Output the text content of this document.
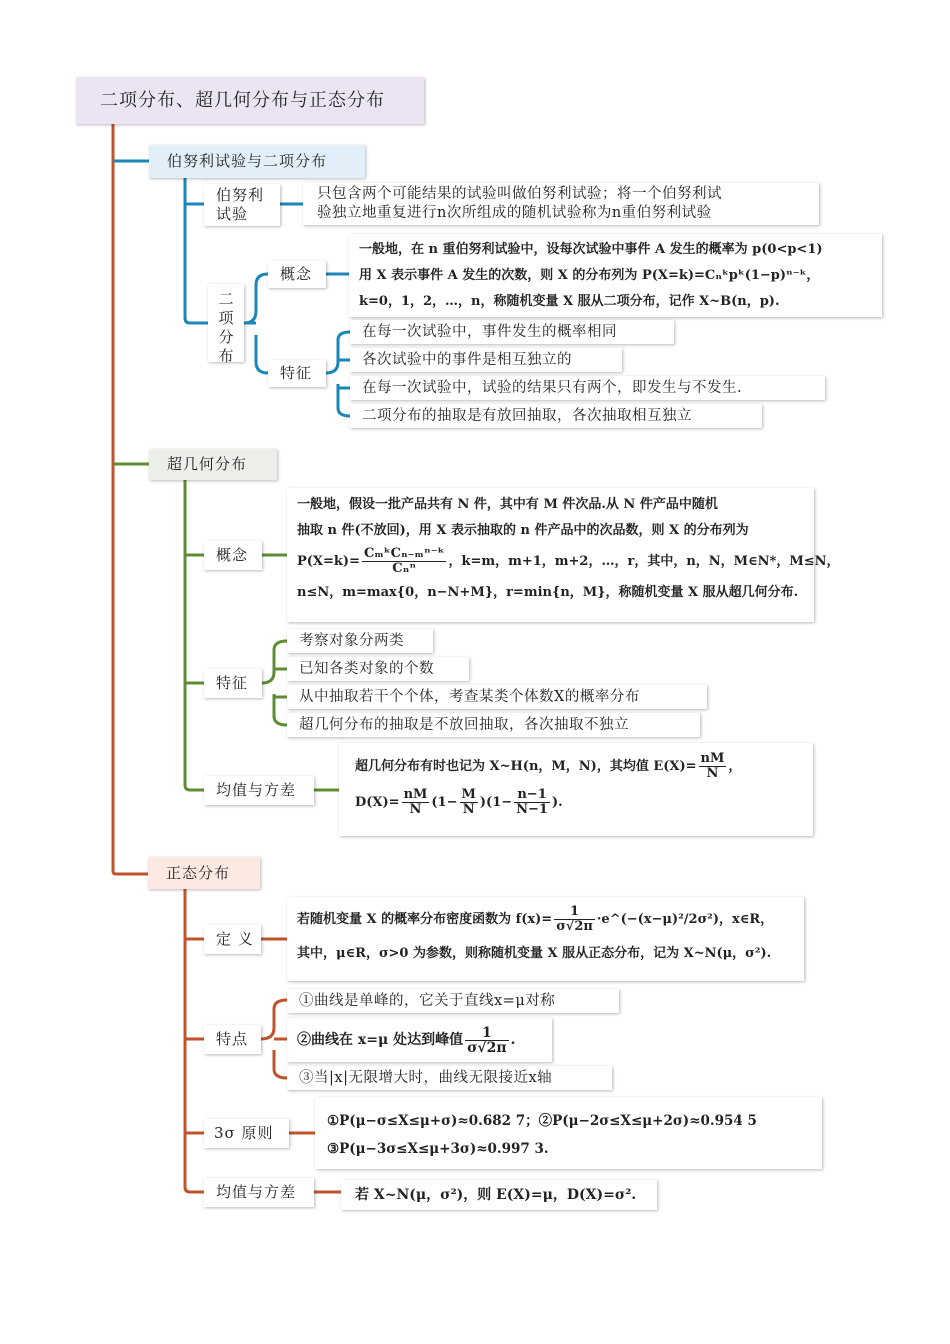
二项分布、超几何分布与正态分布
伯努利试验与二项分布
伯努利
试验
只包含两个可能结果的试验叫做伯努利试验；将一个伯努利试
验独立地重复进行n次所组成的随机试验称为n重伯努利试验
二
项
分
布
概念

一般地，在 n 重伯努利试验中，设每次试验中事件 A 发生的概率为 p(0<p<1)

用 X 表示事件 A 发生的次数，则 X 的分布列为 P(X=k)=Cₙᵏpᵏ(1−p)ⁿ⁻ᵏ，

k=0，1，2，…，n，称随机变量 X 服从二项分布，记作 X~B(n，p).

特征
在每一次试验中，事件发生的概率相同
各次试验中的事件是相互独立的
在每一次试验中，试验的结果只有两个，即发生与不发生.
二项分布的抽取是有放回抽取，各次抽取相互独立
超几何分布
概念

一般地，假设一批产品共有 N 件，其中有 M 件次品.从 N 件产品中随机

抽取 n 件(不放回)，用 X 表示抽取的 n 件产品中的次品数，则 X 的分布列为

$P(X=k)= \frac{\text{CₘᵏCₙ₋ₘⁿ⁻ᵏ}}{\text{Cₙⁿ}}$ ，k=m，m+1，m+2，…，r，其中，n，N，M∈N*，M≤N，

n≤N，m=max{0，n−N+M}，r=min{n，M}，称随机变量 X 服从超几何分布.

特征
考察对象分两类
已知各类对象的个数
从中抽取若干个个体，考查某类个体数X的概率分布
超几何分布的抽取是不放回抽取，各次抽取不独立
均值与方差

超几何分布有时也记为 X~H(n，M，N)，其均值 $E(X)= \frac{nM}{N}$ ，

$D(X)= \frac{nM}{N} (1- \frac{M}{N} )(1- \frac{n-1}{N-1}$ ).

正态分布
定 义

若随机变量 X 的概率分布密度函数为 $f(x)= \frac{1}{\sigma√2\pi}$ ·e^(−(x−μ)²/2σ²)，x∈R，

其中，μ∈R，σ>0 为参数，则称随机变量 X 服从正态分布，记为 X~N(μ，σ²).

特点
①曲线是单峰的，它关于直线x=μ对称
②曲线在 x=μ 处达到峰值 $\frac{1}{\sigma√2\pi}$ .
③当|x|无限增大时，曲线无限接近x轴
3σ 原则

①P(μ−σ≤X≤μ+σ)≈0.682 7；②P(μ−2σ≤X≤μ+2σ)≈0.954 5

③P(μ−3σ≤X≤μ+3σ)≈0.997 3.

均值与方差	若 X~N(μ，σ²)，则 E(X)=μ，D(X)=σ².
